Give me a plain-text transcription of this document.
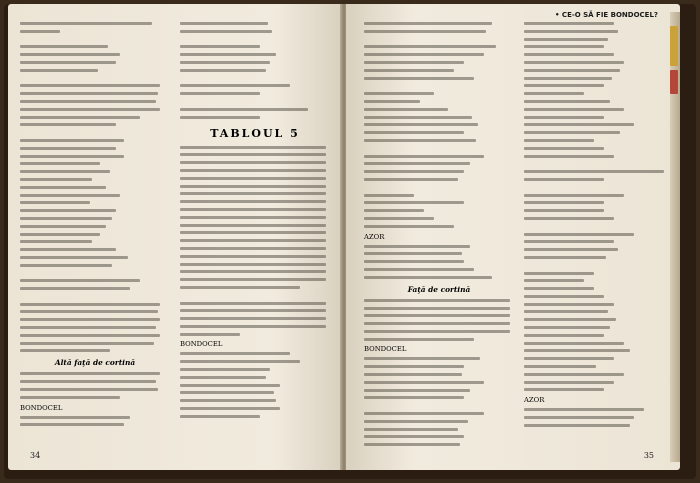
Altă faţă de cortină
BONDOCEL
TABLOUL 5
BONDOCEL
34
• CE-O SĂ FIE BONDOCEL?
AZOR
Faţă de cortină
BONDOCEL
AZOR
35
